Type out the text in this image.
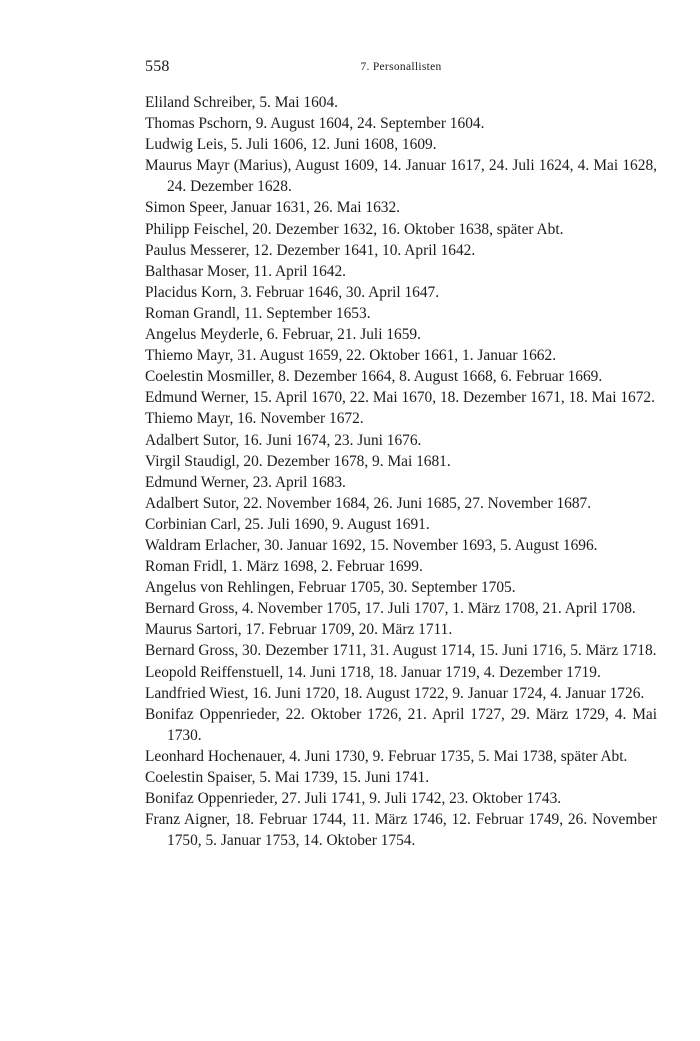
558	7. Personallisten
Eliland Schreiber, 5. Mai 1604.
Thomas Pschorn, 9. August 1604, 24. September 1604.
Ludwig Leis, 5. Juli 1606, 12. Juni 1608, 1609.
Maurus Mayr (Marius), August 1609, 14. Januar 1617, 24. Juli 1624, 4. Mai 1628, 24. Dezember 1628.
Simon Speer, Januar 1631, 26. Mai 1632.
Philipp Feischel, 20. Dezember 1632, 16. Oktober 1638, später Abt.
Paulus Messerer, 12. Dezember 1641, 10. April 1642.
Balthasar Moser, 11. April 1642.
Placidus Korn, 3. Februar 1646, 30. April 1647.
Roman Grandl, 11. September 1653.
Angelus Meyderle, 6. Februar, 21. Juli 1659.
Thiemo Mayr, 31. August 1659, 22. Oktober 1661, 1. Januar 1662.
Coelestin Mosmiller, 8. Dezember 1664, 8. August 1668, 6. Februar 1669.
Edmund Werner, 15. April 1670, 22. Mai 1670, 18. Dezember 1671, 18. Mai 1672.
Thiemo Mayr, 16. November 1672.
Adalbert Sutor, 16. Juni 1674, 23. Juni 1676.
Virgil Staudigl, 20. Dezember 1678, 9. Mai 1681.
Edmund Werner, 23. April 1683.
Adalbert Sutor, 22. November 1684, 26. Juni 1685, 27. November 1687.
Corbinian Carl, 25. Juli 1690, 9. August 1691.
Waldram Erlacher, 30. Januar 1692, 15. November 1693, 5. August 1696.
Roman Fridl, 1. März 1698, 2. Februar 1699.
Angelus von Rehlingen, Februar 1705, 30. September 1705.
Bernard Gross, 4. November 1705, 17. Juli 1707, 1. März 1708, 21. April 1708.
Maurus Sartori, 17. Februar 1709, 20. März 1711.
Bernard Gross, 30. Dezember 1711, 31. August 1714, 15. Juni 1716, 5. März 1718.
Leopold Reiffenstuell, 14. Juni 1718, 18. Januar 1719, 4. Dezember 1719.
Landfried Wiest, 16. Juni 1720, 18. August 1722, 9. Januar 1724, 4. Januar 1726.
Bonifaz Oppenrieder, 22. Oktober 1726, 21. April 1727, 29. März 1729, 4. Mai 1730.
Leonhard Hochenauer, 4. Juni 1730, 9. Februar 1735, 5. Mai 1738, später Abt.
Coelestin Spaiser, 5. Mai 1739, 15. Juni 1741.
Bonifaz Oppenrieder, 27. Juli 1741, 9. Juli 1742, 23. Oktober 1743.
Franz Aigner, 18. Februar 1744, 11. März 1746, 12. Februar 1749, 26. November 1750, 5. Januar 1753, 14. Oktober 1754.
